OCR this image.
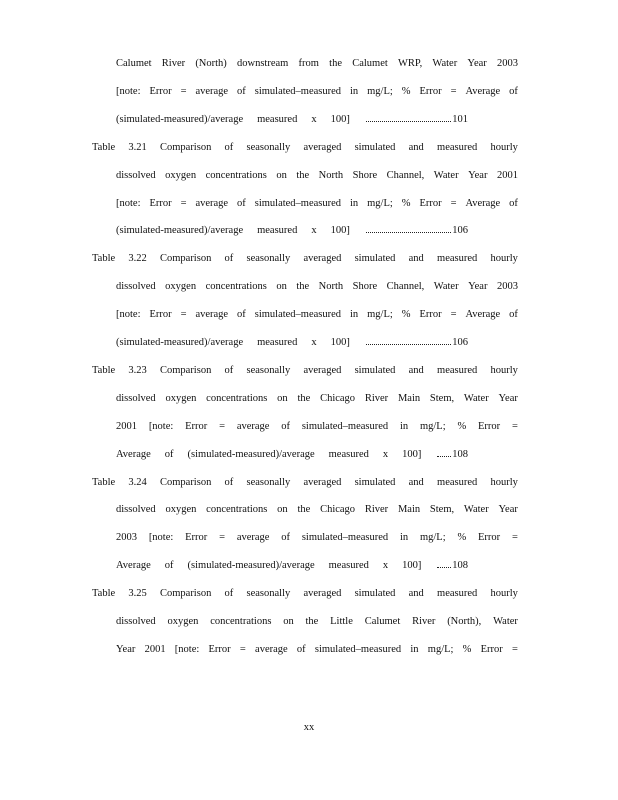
Calumet River (North) downstream from the Calumet WRP, Water Year 2003
[note: Error = average of simulated–measured in mg/L; % Error = Average of
(simulated-measured)/average measured x 100]	101
Table 3.21 Comparison of seasonally averaged simulated and measured hourly
dissolved oxygen concentrations on the North Shore Channel, Water Year 2001
[note: Error = average of simulated–measured in mg/L; % Error = Average of
(simulated-measured)/average measured x 100]	106
Table 3.22 Comparison of seasonally averaged simulated and measured hourly
dissolved oxygen concentrations on the North Shore Channel, Water Year 2003
[note: Error = average of simulated–measured in mg/L; % Error = Average of
(simulated-measured)/average measured x 100]	106
Table 3.23 Comparison of seasonally averaged simulated and measured hourly
dissolved oxygen concentrations on the Chicago River Main Stem, Water Year
2001 [note: Error = average of simulated–measured in mg/L; % Error =
Average of (simulated-measured)/average measured x 100]	108
Table 3.24 Comparison of seasonally averaged simulated and measured hourly
dissolved oxygen concentrations on the Chicago River Main Stem, Water Year
2003 [note: Error = average of simulated–measured in mg/L; % Error =
Average of (simulated-measured)/average measured x 100]	108
Table 3.25 Comparison of seasonally averaged simulated and measured hourly
dissolved oxygen concentrations on the Little Calumet River (North), Water
Year 2001 [note: Error = average of simulated–measured in mg/L; % Error =
xx
